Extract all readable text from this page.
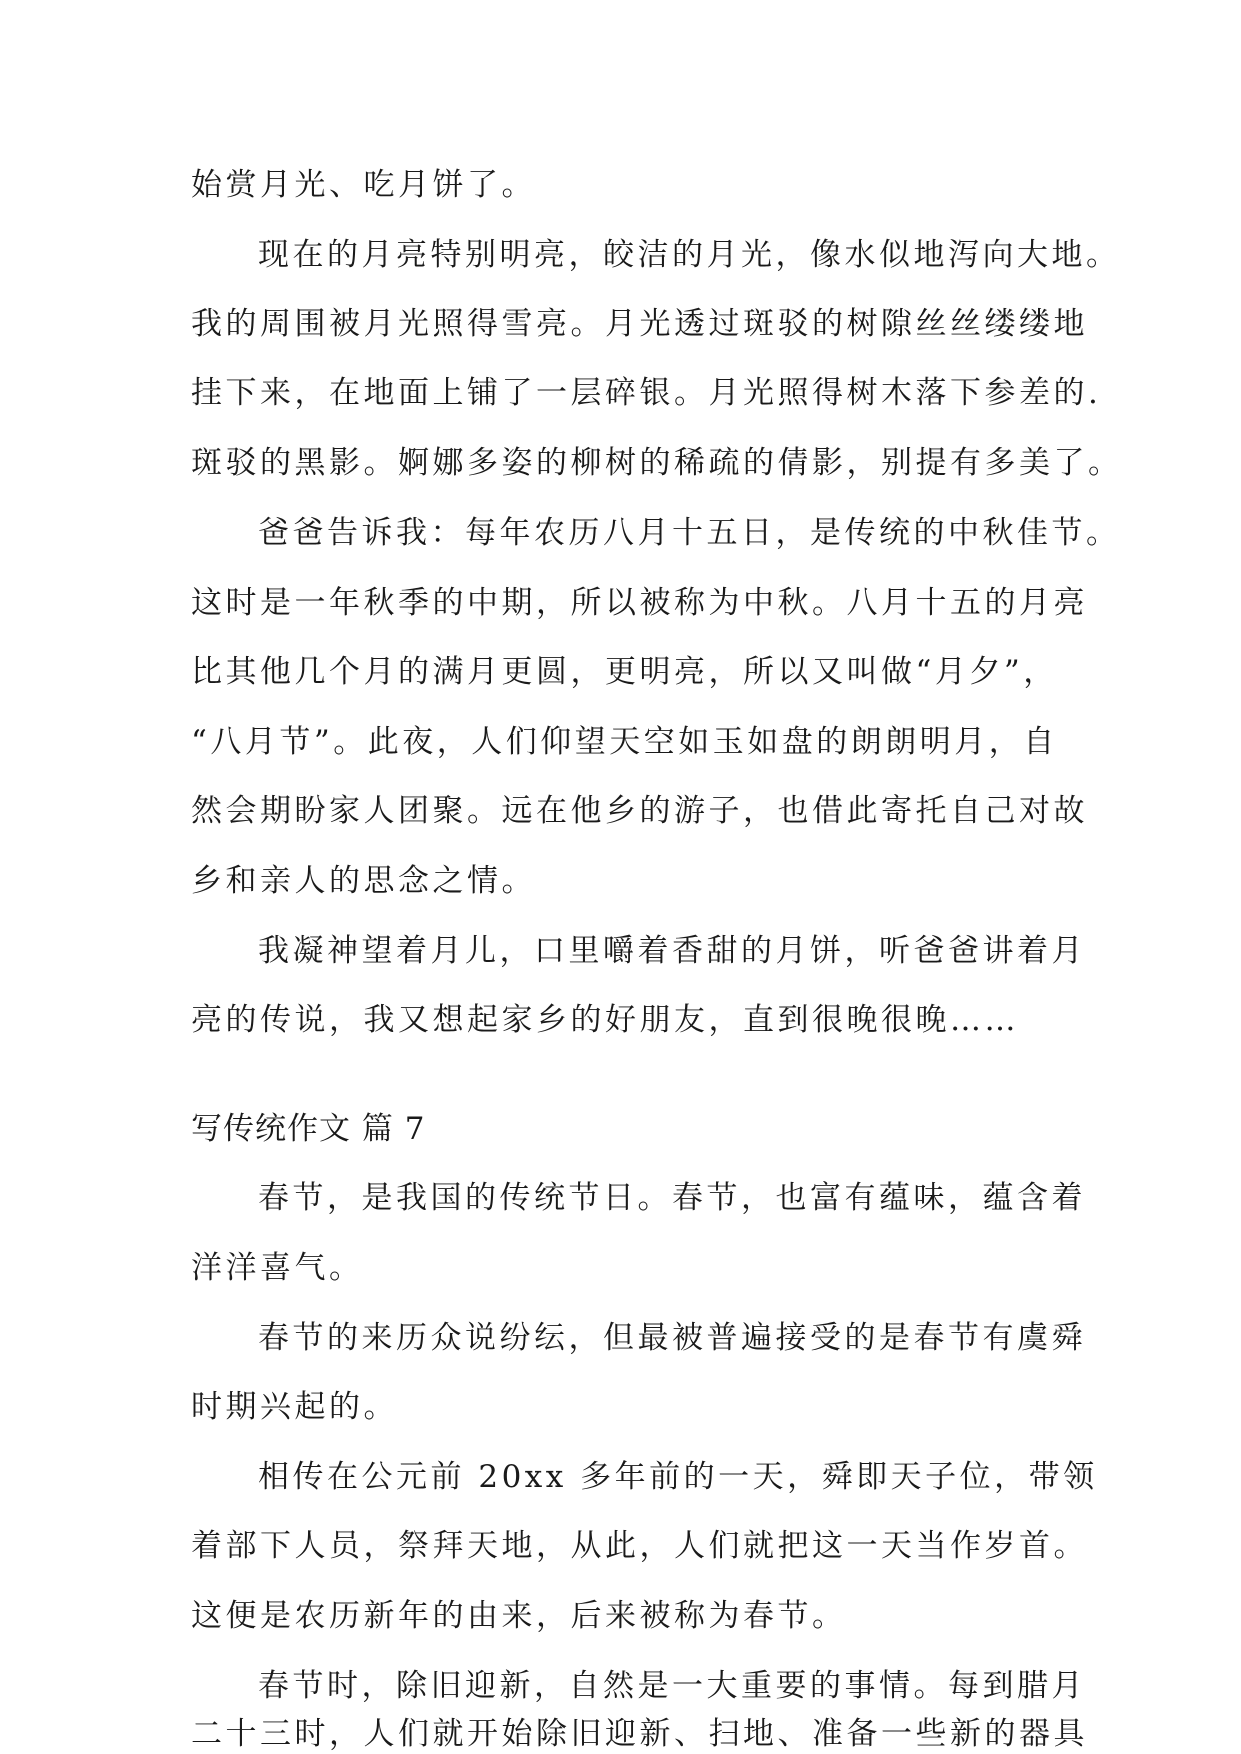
始赏月光、吃月饼了。
现在的月亮特别明亮，皎洁的月光，像水似地泻向大地。
我的周围被月光照得雪亮。月光透过斑驳的树隙丝丝缕缕地
挂下来，在地面上铺了一层碎银。月光照得树木落下参差的.
斑驳的黑影。婀娜多姿的柳树的稀疏的倩影，别提有多美了。
爸爸告诉我：每年农历八月十五日，是传统的中秋佳节。
这时是一年秋季的中期，所以被称为中秋。八月十五的月亮
比其他几个月的满月更圆，更明亮，所以又叫做“月夕”，
“八月节”。此夜，人们仰望天空如玉如盘的朗朗明月，自
然会期盼家人团聚。远在他乡的游子，也借此寄托自己对故
乡和亲人的思念之情。
我凝神望着月儿，口里嚼着香甜的月饼，听爸爸讲着月
亮的传说，我又想起家乡的好朋友，直到很晚很晚……
写传统作文 篇 7
春节，是我国的传统节日。春节，也富有蕴味，蕴含着
洋洋喜气。
春节的来历众说纷纭，但最被普遍接受的是春节有虞舜
时期兴起的。
相传在公元前 20xx 多年前的一天，舜即天子位，带领
着部下人员，祭拜天地，从此，人们就把这一天当作岁首。
这便是农历新年的由来，后来被称为春节。
春节时，除旧迎新，自然是一大重要的事情。每到腊月
二十三时，人们就开始除旧迎新、扫地、准备一些新的器具
